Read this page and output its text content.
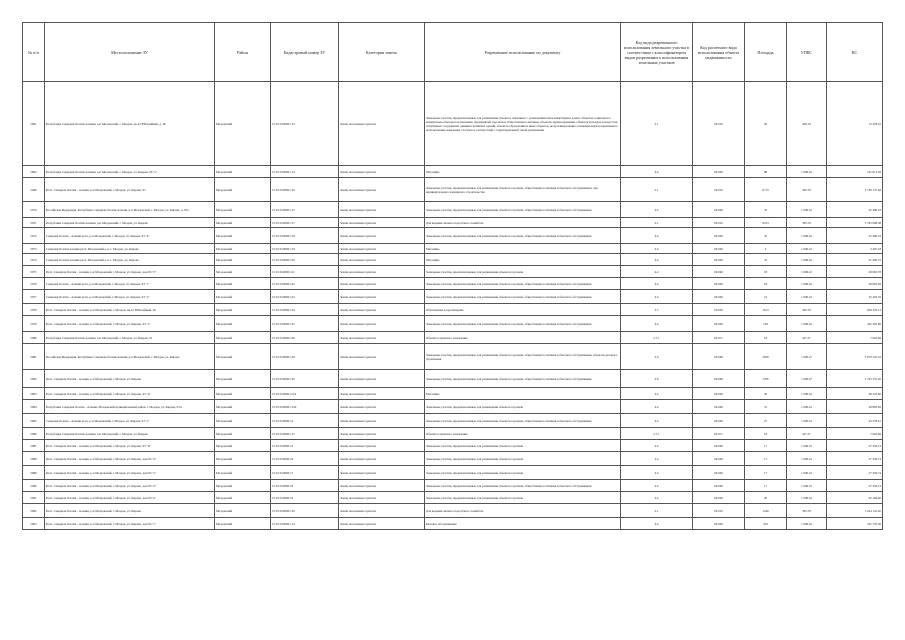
№ п/п	Местоположение ЗУ	Район	Кадастровый номер ЗУ	Категория земель	Разрешенное использование по документу	Код вида разрешенного использования земельного участка в соответствии с классификатором видов разрешенного использования земельных участков	Код расчетного вида использования объекта недвижимости	Площадь	УПКС	КС
5891	Республика Северная Осетия-Алания, р-н Моздокский, г. Моздок, пр-кт Юбилейный, д. 46	Моздокский	15:01:0120001:15	Земли населенных пунктов	Земельные участки, предназначенные для размещения объектов, связанных с размещением многоквартирных домов, объектов социального, коммунально-бытового назначения, предприятий торговли и общественного питания, объектов здравоохранения, объектов культуры и искусства, спортивных сооружений, административных зданий, объектов образования и иных объектов, не противоречащих основным видам разрешенного использования земельных участков в соответствии с территориальной зоной размещения	2.1	02:010	20	409.19	12 478.91
5892	Республика Северная Осетия-Алания, р-н Моздокский, г. Моздок, ул. Кирова, 96 "а"	Моздокский	15:01:0120001:14	Земли населенных пунктов	Магазины	4.4	04:040	88	1 609.22	141 613.28
5949	Респ. Северная Осетия - Алания, р-н Моздокский, г. Моздок, ул. Кирова, 91	Моздокский	15:01:0120001:16	Земли населенных пунктов	Земельные участки, предназначенные для размещения объектов торговли, общественного питания и бытового обслуживания; для индивидуального жилищного строительства	2.1	02:010	6713	395.78	2 738 137.48
5970	Российская Федерация, Республика Северная Осетия-Алания, р-н Моздокский, г. Моздок, ул. Кирова, д. 93а	Моздокский	15:01:0120001:15	Земли населенных пунктов	Земельные участки, предназначенные для размещения объектов торговли, общественного питания и бытового обслуживания	4.4	04:040	35	1 609.22	32 480.18
5971	Республика Северная Осетия-Алания, р-н Моздокский, г. Моздок, ул. Кирова	Моздокский	15:01:0120001:17	Земли населенных пунктов	Для ведения личного подсобного хозяйства	2.1	02:010	9513	395.78	3 765 098.38
5972	Северная Осетия - Алания респ, р-н Моздокский, г. Моздок, ул. Кирова, 93 "в"	Моздокский	15:01:0120001:18	Земли населенных пунктов	Земельные участки, предназначенные для размещения объектов торговли, общественного питания и бытового обслуживания	4.4	04:040	35	1 609.22	32 480.18
5973	Северная Осетия-Алания респ, Моздокский р-н, г. Моздок, ул. Кирова	Моздокский	15:01:0120001:19	Земли населенных пунктов	Магазины	4.4	04:040	2	1 609.22	3 497.18
5974	Северная Осетия-Алания респ, Моздокский р-н, г. Моздок, ул. Кирова	Моздокский	15:01:0120001:20	Земли населенных пунктов	Магазины	4.4	04:040	32	1 609.22	51 490.75
5975	Респ. Северная Осетия - Алания, р-н Моздокский, г. Моздок, ул. Кирова, дом 93 "б"	Моздокский	15:01:0120001:21	Земли населенных пунктов	Земельные участки, предназначенные для размещения объектов торговли	4.4	04:040	18	1 609.22	28 965.78
5976	Северная Осетия - Алания респ, р-н Моздокский, г. Моздок, ул. Кирова, 93 "г"	Моздокский	15:01:0120001:22	Земли населенных пунктов	Земельные участки, предназначенные для размещения объектов торговли, общественного питания и бытового обслуживания	4.4	04:040	18	1 609.22	28 965.94
5977	Северная Осетия - Алания респ, р-н Моздокский, г. Моздок, ул. Кирова, 93 "д"	Моздокский	15:01:0120001:23	Земли населенных пунктов	Земельные участки, предназначенные для размещения объектов торговли, общественного питания и бытового обслуживания	4.4	04:040	21	1 609.22	33 403.35
5978	Респ. Северная Осетия - Алания, р-н Моздокский, г. Моздок, пр-кт Юбилейный, 46	Моздокский	15:01:0120001:24	Земли населенных пунктов	Образование и просвещение	3.5	03:050	1613	395.78	638 376.12
5979	Респ. Северная Осетия - Алания, р-н Моздокский, г. Моздок, ул. Кирова, 93 "е"	Моздокский	15:01:0120001:25	Земли населенных пунктов	Земельные участки, предназначенные для размещения объектов торговли, общественного питания и бытового обслуживания	4.4	04:040	163	1 609.22	262 302.86
5980	Республика Северная Осетия-Алания, р-н Моздокский, г. Моздок, ул. Кирова, 91	Моздокский	15:01:0120001:26	Земли населенных пунктов	Объекты гаражного назначения	2.7.1	02:071	18	427.37	7 692.66
5981	Российская Федерация, Республика Северная Осетия-Алания, р-н Моздокский, г. Моздок, ул. Кирова	Моздокский	15:01:0120001:29	Земли населенных пунктов	Земельные участки, предназначенные для размещения объектов торговли, общественного питания и бытового обслуживания, объектов делового управления	2.6	02:060	2028	1 609.27	3 079 125.16
5982	Респ. Северная Осетия - Алания, р-н Моздокский, г. Моздок, ул. Кирова	Моздокский	15:01:0120001:30	Земли населенных пунктов	Земельные участки, предназначенные для размещения объектов торговли, общественного питания и бытового обслуживания	2.6	02:060	1706	1 609.27	2 745 355.20
5983	Респ. Северная Осетия - Алания, р-н Моздокский, г. Моздок, ул. Кирова, 93 "и"	Моздокский	15:01:0120001:119	Земли населенных пунктов	Магазины	4.4	04:040	30	1 609.22	48 276.60
5984	Республика Северная Осетия - Алания, Моздокский муниципальный район, г. Моздок, ул. Кирова, 93 к	Моздокский	15:01:0120001:120	Земли населенных пунктов	Земельные участки, предназначенные для размещения объектов торговли	4.4	04:040	31	1 609.22	49 885.82
5985	Северная Осетия - Алания респ, р-н Моздокский, г. Моздок, ул. Кирова, 93 "л"	Моздокский	15:01:0120001:4	Земли населенных пунктов	Земельные участки, предназначенные для размещения объектов торговли, общественного питания и бытового обслуживания	4.4	04:040	27	1 609.22	43 578.61
5986	Республика Северная Осетия-Алания, р-н Моздокский, г. Моздок, ул. Кирова	Моздокский	15:01:0120001:17	Земли населенных пунктов	Объекты гаражного назначения	2.7.1	02:071	18	427.37	7 692.66
5987	Респ. Северная Осетия - Алания, р-н Моздокский, г. Моздок, ул. Кирова, 93 "м"	Моздокский	15:01:0120001:5	Земли населенных пунктов	Земельные участки, предназначенные для размещения объектов торговли	4.4	04:040	17	1 609.22	27 356.74
5988	Респ. Северная Осетия - Алания, р-н Моздокский, г. Моздок, ул. Кирова, дом 93 "н"	Моздокский	15:01:0120001:6	Земли населенных пунктов	Земельные участки, предназначенные для размещения объектов торговли	4.4	04:040	17	1 609.22	27 356.74
5989	Респ. Северная Осетия - Алания, р-н Моздокский, г. Моздок, ул. Кирова, дом 93 "о"	Моздокский	15:01:0120001:7	Земли населенных пунктов	Земельные участки, предназначенные для размещения объектов торговли	4.4	04:040	17	1 609.22	27 356.74
5990	Респ. Северная Осетия - Алания, р-н Моздокский, г. Моздок, ул. Кирова, дом 93 "п"	Моздокский	15:01:0120001:8	Земли населенных пунктов	Земельные участки, предназначенные для размещения объектов торговли, общественного питания и бытового обслуживания	4.4	04:040	17	1 609.22	27 356.74
5991	Респ. Северная Осетия - Алания, р-н Моздокский, г. Моздок, ул. Кирова, дом 93 "р"	Моздокский	15:01:0120001:9	Земли населенных пунктов	Земельные участки, предназначенные для размещения объектов торговли	4.4	04:040	20	1 609.22	32 184.40
5992	Респ. Северная Осетия - Алания, р-н Моздокский, г. Моздок, ул. Кирова	Моздокский	15:01:0120001:10	Земли населенных пунктов	Для ведения личного подсобного хозяйства	2.1	02:010	1249	395.78	5 224 143.20
5993	Респ. Северная Осетия - Алания, р-н Моздокский, г. Моздок, ул. Кирова, дом 93 "с"	Моздокский	15:01:0120001:14	Земли населенных пунктов	Бытовое обслуживание	4.4	04:040	333	1 609.22	535 735.30
